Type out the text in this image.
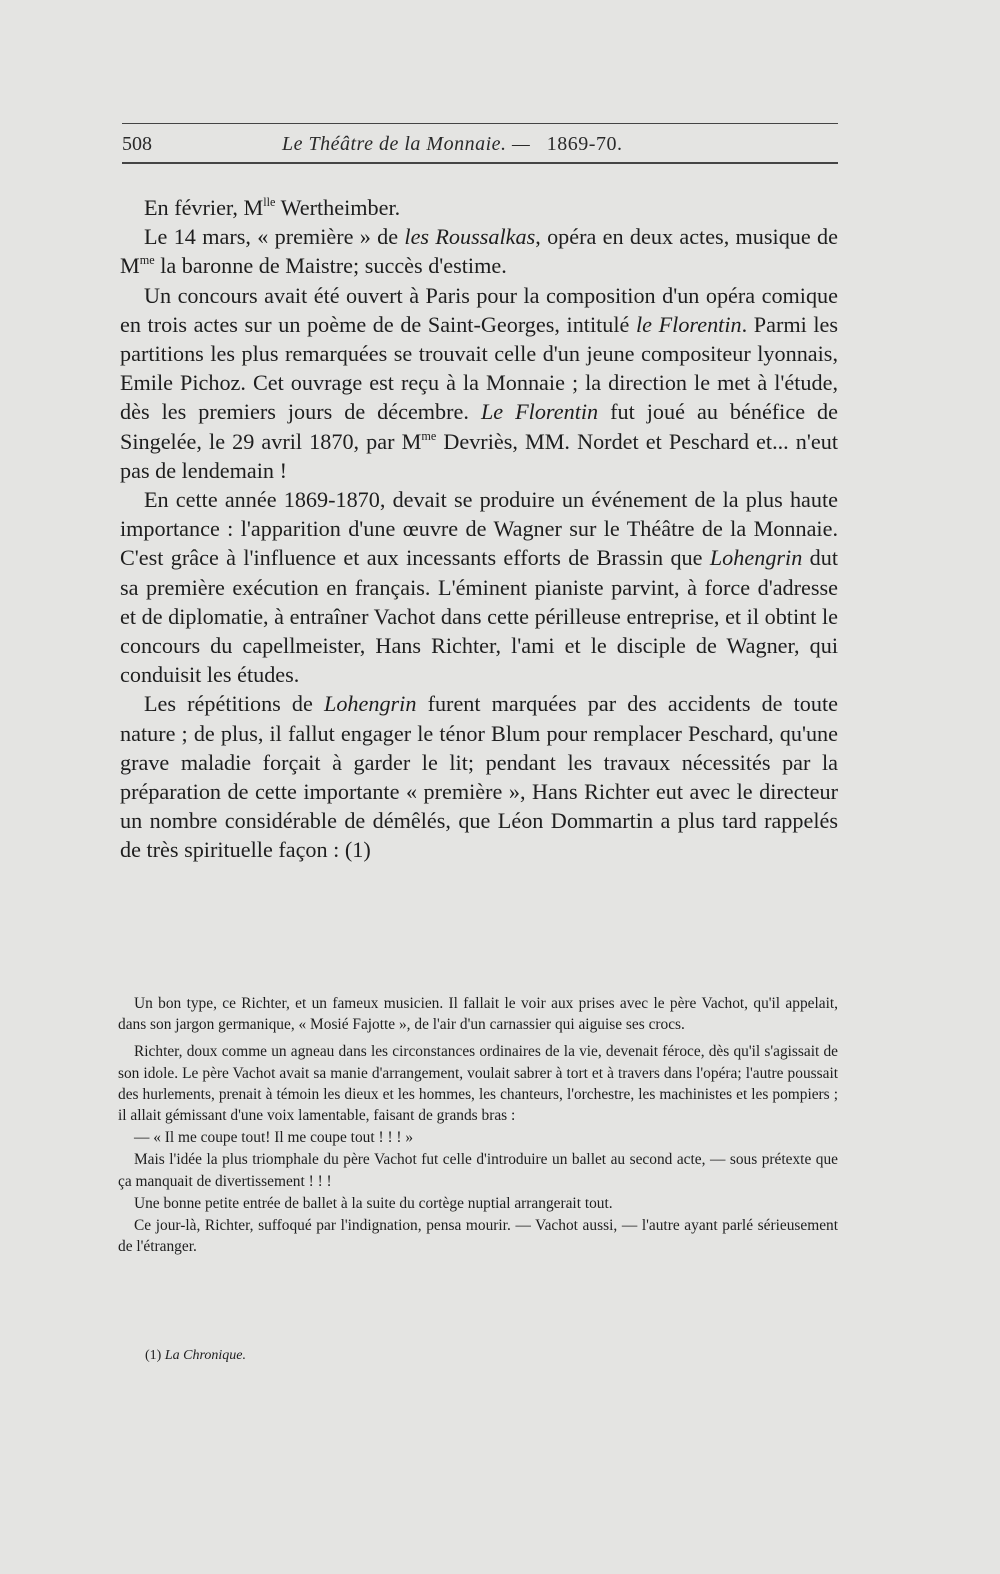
508	Le Théâtre de la Monnaie. — 1869-70.

En février, $M^{lle}$ Wertheimber.

Le 14 mars, « première » de les Roussalkas, opéra en deux actes, musique de $M^{me}$ la baronne de Maistre; succès d'estime.

Un concours avait été ouvert à Paris pour la composition d'un opéra comique en trois actes sur un poème de de Saint-Georges, intitulé le Florentin. Parmi les partitions les plus remarquées se trouvait celle d'un jeune compositeur lyonnais, Emile Pichoz. Cet ouvrage est reçu à la Monnaie ; la direction le met à l'étude, dès les premiers jours de décembre. Le Florentin fut joué au bénéfice de Singelée, le 29 avril 1870, par $M^{me}$ Devriès, MM. Nordet et Peschard et... n'eut pas de lendemain !

En cette année 1869-1870, devait se produire un événement de la plus haute importance : l'apparition d'une œuvre de Wagner sur le Théâtre de la Monnaie. C'est grâce à l'influence et aux incessants efforts de Brassin que Lohengrin dut sa première exécution en français. L'éminent pianiste parvint, à force d'adresse et de diplomatie, à entraîner Vachot dans cette périlleuse entreprise, et il obtint le concours du capellmeister, Hans Richter, l'ami et le disciple de Wagner, qui conduisit les études.

Les répétitions de Lohengrin furent marquées par des accidents de toute nature ; de plus, il fallut engager le ténor Blum pour remplacer Peschard, qu'une grave maladie forçait à garder le lit; pendant les travaux nécessités par la préparation de cette importante « première », Hans Richter eut avec le directeur un nombre considérable de démêlés, que Léon Dommartin a plus tard rappelés de très spirituelle façon : (1)

Un bon type, ce Richter, et un fameux musicien. Il fallait le voir aux prises avec le père Vachot, qu'il appelait, dans son jargon germanique, « Mosié Fajotte », de l'air d'un carnassier qui aiguise ses crocs.

Richter, doux comme un agneau dans les circonstances ordinaires de la vie, devenait féroce, dès qu'il s'agissait de son idole. Le père Vachot avait sa manie d'arrangement, voulait sabrer à tort et à travers dans l'opéra; l'autre poussait des hurlements, prenait à témoin les dieux et les hommes, les chanteurs, l'orchestre, les machinistes et les pompiers ; il allait gémissant d'une voix lamentable, faisant de grands bras :

— « Il me coupe tout! Il me coupe tout ! ! ! »

Mais l'idée la plus triomphale du père Vachot fut celle d'introduire un ballet au second acte, — sous prétexte que ça manquait de divertissement ! ! !

Une bonne petite entrée de ballet à la suite du cortège nuptial arrangerait tout.

Ce jour-là, Richter, suffoqué par l'indignation, pensa mourir. — Vachot aussi, — l'autre ayant parlé sérieusement de l'étranger.

(1) La Chronique.
